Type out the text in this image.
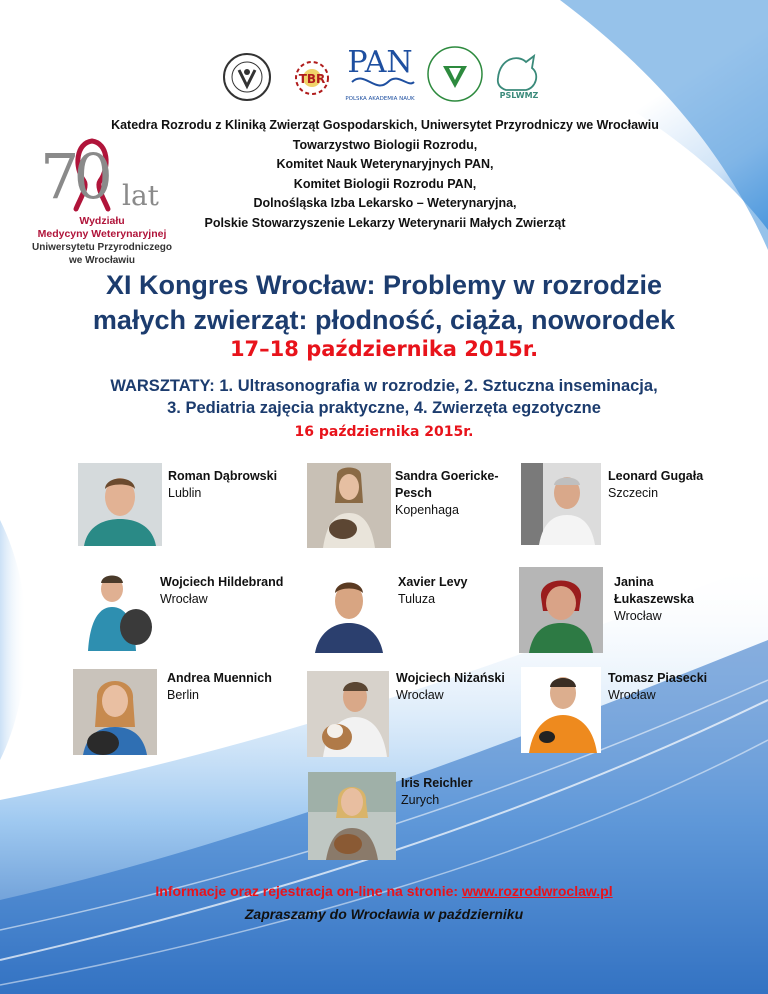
TBR PAN
POLSKA AKADEMIA NAUK	PSLWMZ
Katedra Rozrodu z Kliniką Zwierząt Gospodarskich, Uniwersytet Przyrodniczy we Wrocławiu
Towarzystwo Biologii Rozrodu,
Komitet Nauk Weterynaryjnych PAN,
Komitet Biologii Rozrodu PAN,
Dolnośląska Izba Lekarsko – Weterynaryjna,
Polskie Stowarzyszenie Lekarzy Weterynarii Małych Zwierząt
70 lat
Wydziału
Medycyny Weterynaryjnej
Uniwersytetu Przyrodniczego
we Wrocławiu
XI Kongres Wrocław: Problemy w rozrodzie
małych zwierząt: płodność, ciąża, noworodek
17–18 października 2015r.
WARSZTATY: 1. Ultrasonografia w rozrodzie, 2. Sztuczna inseminacja,
3. Pediatria zajęcia praktyczne, 4. Zwierzęta egzotyczne
16 października 2015r.
Roman Dąbrowski
Lublin
Sandra Goericke-
Pesch
Kopenhaga
Leonard Gugała
Szczecin
Wojciech Hildebrand
Wrocław
Xavier Levy
Tuluza
Janina
Łukaszewska
Wrocław
Andrea Muennich
Berlin
Wojciech Niżański
Wrocław
Tomasz Piasecki
Wrocław
Iris Reichler
Zurych
Informacje oraz rejestracja on-line na stronie: www.rozrodwroclaw.pl
Zapraszamy do Wrocławia w październiku
